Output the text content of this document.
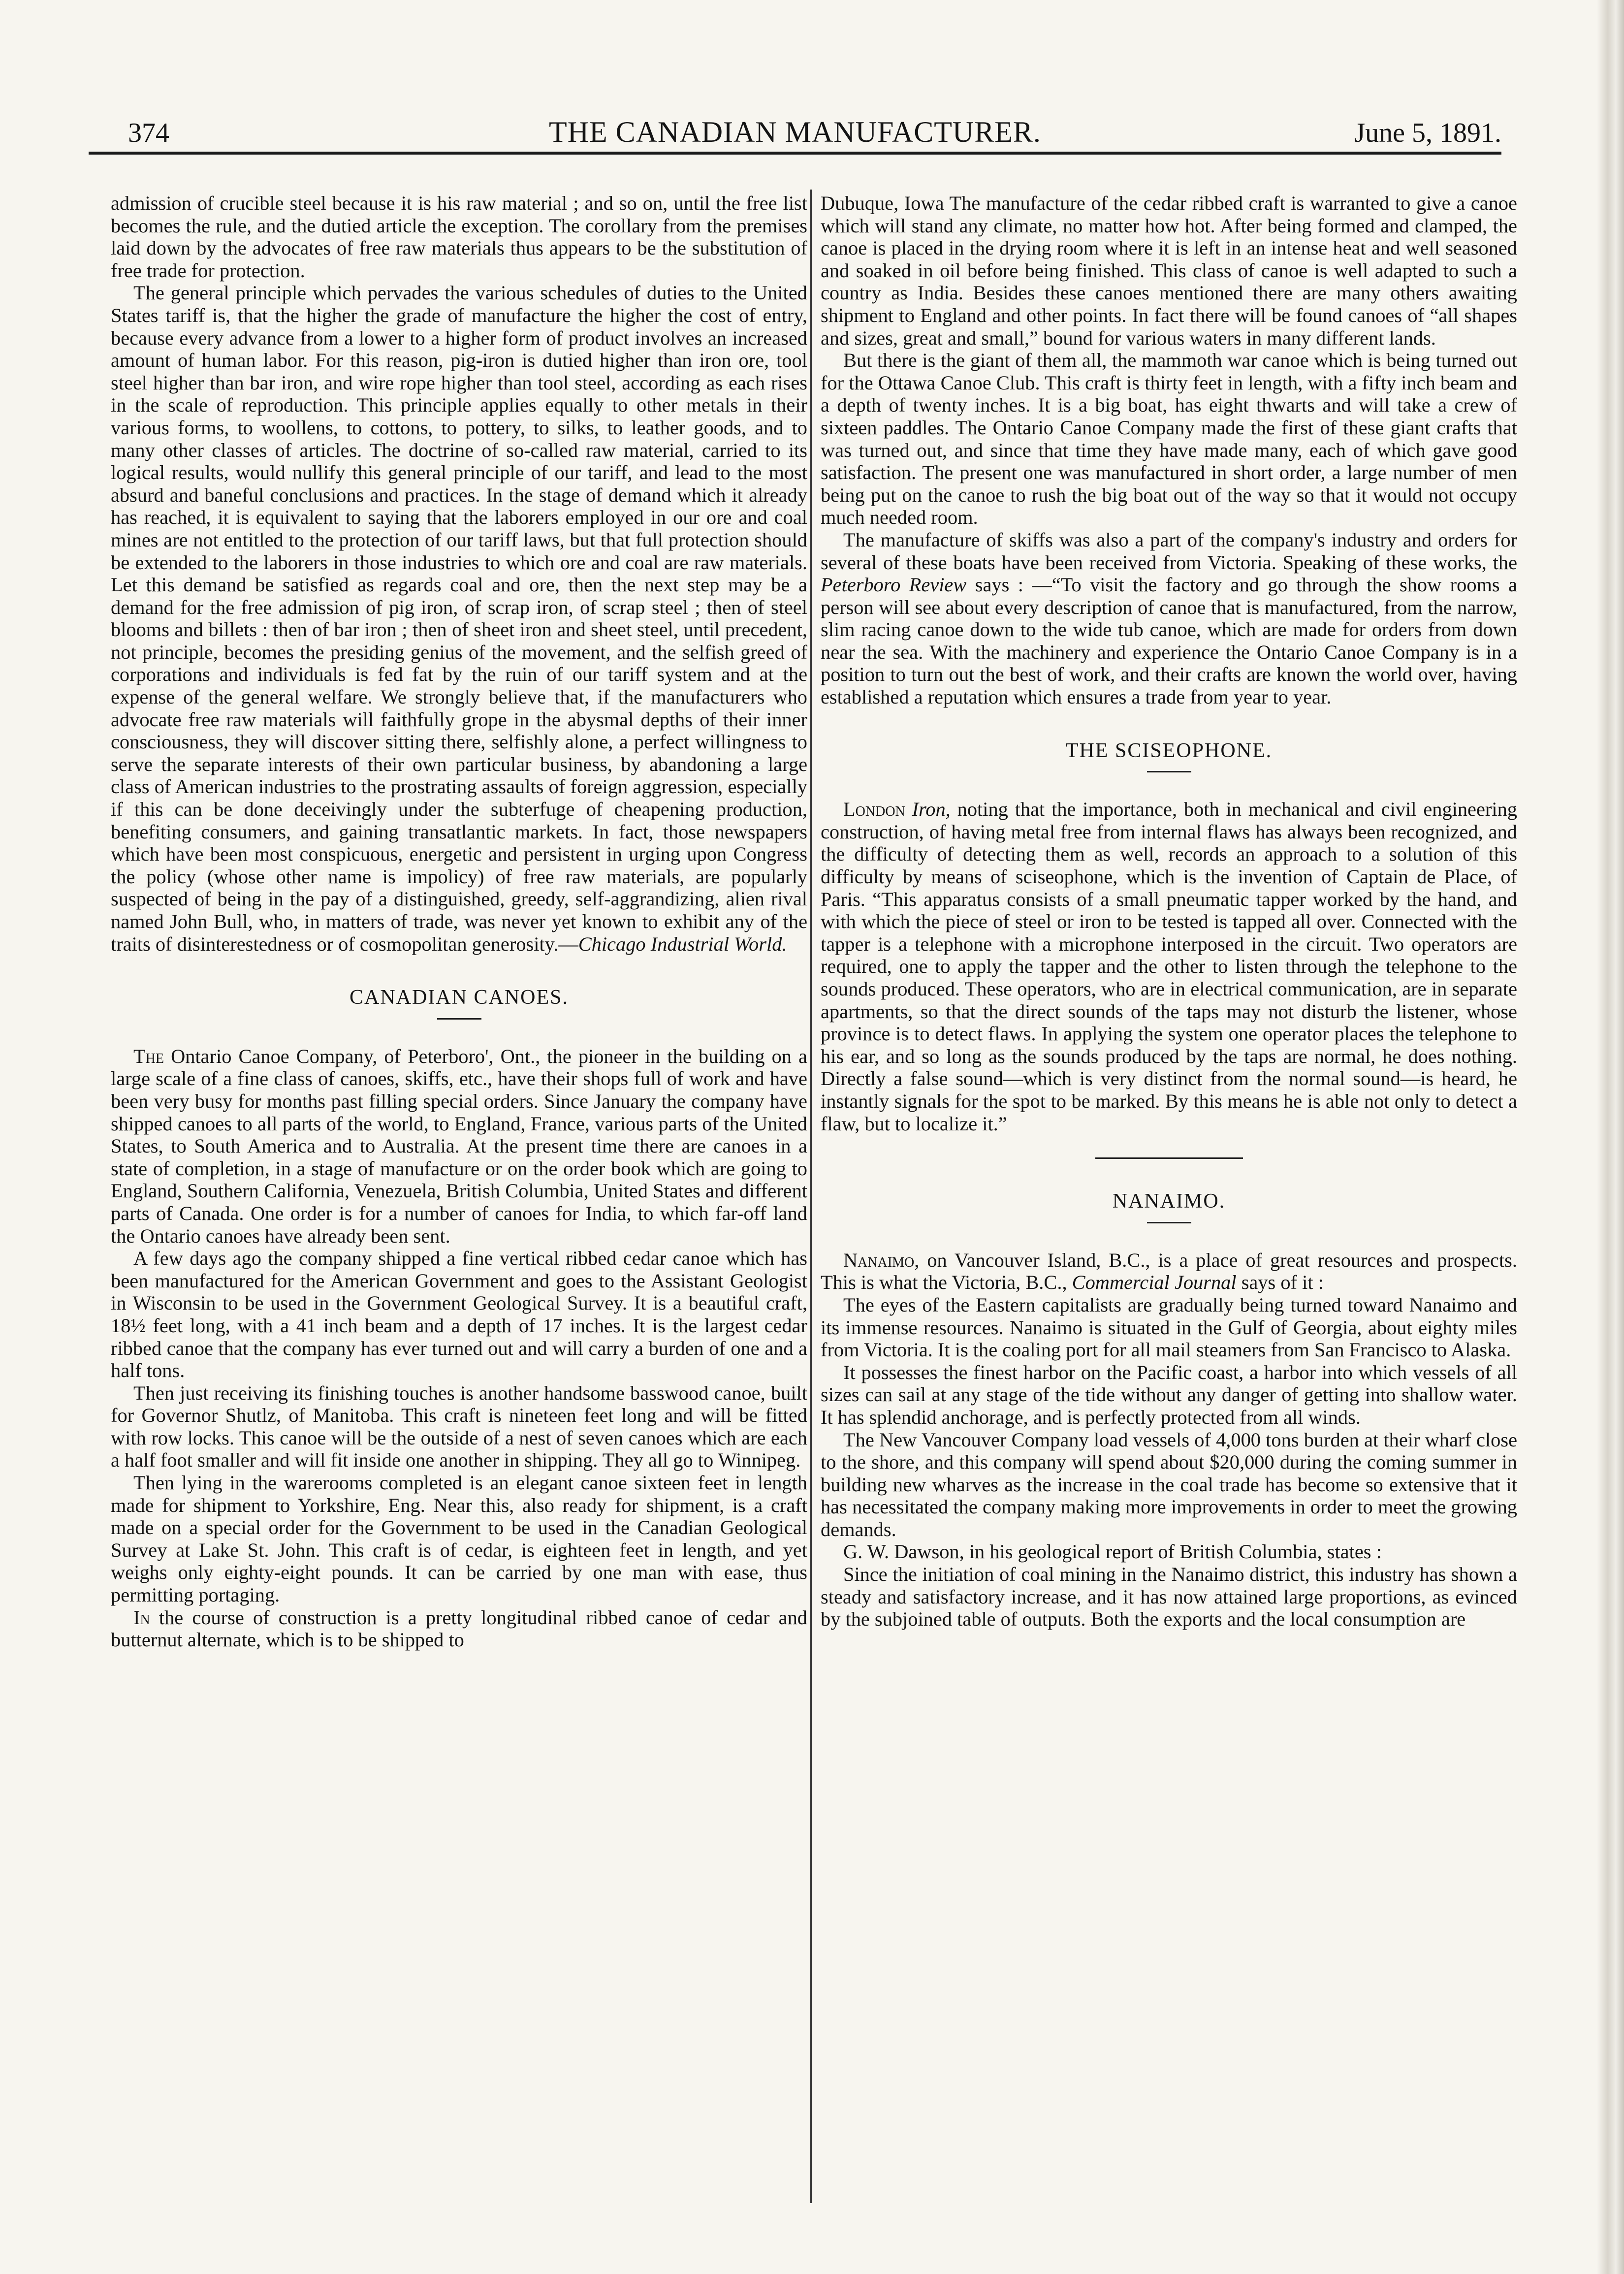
374	THE CANADIAN MANUFACTURER.	June 5, 1891.

admission of crucible steel because it is his raw material ; and so on, until the free list becomes the rule, and the dutied article the exception. The corollary from the premises laid down by the advocates of free raw materials thus appears to be the substitution of free trade for protection.

The general principle which pervades the various schedules of duties to the United States tariff is, that the higher the grade of manufacture the higher the cost of entry, because every advance from a lower to a higher form of product involves an increased amount of human labor. For this reason, pig-iron is dutied higher than iron ore, tool steel higher than bar iron, and wire rope higher than tool steel, according as each rises in the scale of reproduction. This principle applies equally to other metals in their various forms, to woollens, to cottons, to pottery, to silks, to leather goods, and to many other classes of articles. The doctrine of so-called raw material, carried to its logical results, would nullify this general principle of our tariff, and lead to the most absurd and baneful conclusions and practices. In the stage of demand which it already has reached, it is equivalent to saying that the laborers employed in our ore and coal mines are not entitled to the protection of our tariff laws, but that full protection should be extended to the laborers in those industries to which ore and coal are raw materials. Let this demand be satisfied as regards coal and ore, then the next step may be a demand for the free admission of pig iron, of scrap iron, of scrap steel ; then of steel blooms and billets : then of bar iron ; then of sheet iron and sheet steel, until precedent, not principle, becomes the presiding genius of the movement, and the selfish greed of corporations and individuals is fed fat by the ruin of our tariff system and at the expense of the general welfare. We strongly believe that, if the manufacturers who advocate free raw materials will faithfully grope in the abysmal depths of their inner consciousness, they will discover sitting there, selfishly alone, a perfect willingness to serve the separate interests of their own particular business, by abandoning a large class of American industries to the prostrating assaults of foreign aggression, especially if this can be done deceivingly under the subterfuge of cheapening production, benefiting consumers, and gaining transatlantic markets. In fact, those newspapers which have been most conspicuous, energetic and persistent in urging upon Congress the policy (whose other name is impolicy) of free raw materials, are popularly suspected of being in the pay of a distinguished, greedy, self-aggrandizing, alien rival named John Bull, who, in matters of trade, was never yet known to exhibit any of the traits of disinterestedness or of cosmopolitan generosity.—Chicago Industrial World.

CANADIAN CANOES.

The Ontario Canoe Company, of Peterboro', Ont., the pioneer in the building on a large scale of a fine class of canoes, skiffs, etc., have their shops full of work and have been very busy for months past filling special orders. Since January the company have shipped canoes to all parts of the world, to England, France, various parts of the United States, to South America and to Australia. At the present time there are canoes in a state of completion, in a stage of manufacture or on the order book which are going to England, Southern California, Venezuela, British Columbia, United States and different parts of Canada. One order is for a number of canoes for India, to which far-off land the Ontario canoes have already been sent.

A few days ago the company shipped a fine vertical ribbed cedar canoe which has been manufactured for the American Government and goes to the Assistant Geologist in Wisconsin to be used in the Government Geological Survey. It is a beautiful craft, 18½ feet long, with a 41 inch beam and a depth of 17 inches. It is the largest cedar ribbed canoe that the company has ever turned out and will carry a burden of one and a half tons.

Then just receiving its finishing touches is another handsome basswood canoe, built for Governor Shutlz, of Manitoba. This craft is nineteen feet long and will be fitted with row locks. This canoe will be the outside of a nest of seven canoes which are each a half foot smaller and will fit inside one another in shipping. They all go to Winnipeg.

Then lying in the warerooms completed is an elegant canoe sixteen feet in length made for shipment to Yorkshire, Eng. Near this, also ready for shipment, is a craft made on a special order for the Government to be used in the Canadian Geological Survey at Lake St. John. This craft is of cedar, is eighteen feet in length, and yet weighs only eighty-eight pounds. It can be carried by one man with ease, thus permitting portaging.

In the course of construction is a pretty longitudinal ribbed canoe of cedar and butternut alternate, which is to be shipped to

Dubuque, Iowa The manufacture of the cedar ribbed craft is warranted to give a canoe which will stand any climate, no matter how hot. After being formed and clamped, the canoe is placed in the drying room where it is left in an intense heat and well seasoned and soaked in oil before being finished. This class of canoe is well adapted to such a country as India. Besides these canoes mentioned there are many others awaiting shipment to England and other points. In fact there will be found canoes of “all shapes and sizes, great and small,” bound for various waters in many different lands.

But there is the giant of them all, the mammoth war canoe which is being turned out for the Ottawa Canoe Club. This craft is thirty feet in length, with a fifty inch beam and a depth of twenty inches. It is a big boat, has eight thwarts and will take a crew of sixteen paddles. The Ontario Canoe Company made the first of these giant crafts that was turned out, and since that time they have made many, each of which gave good satisfaction. The present one was manufactured in short order, a large number of men being put on the canoe to rush the big boat out of the way so that it would not occupy much needed room.

The manufacture of skiffs was also a part of the company's industry and orders for several of these boats have been received from Victoria. Speaking of these works, the Peterboro Review says : —“To visit the factory and go through the show rooms a person will see about every description of canoe that is manufactured, from the narrow, slim racing canoe down to the wide tub canoe, which are made for orders from down near the sea. With the machinery and experience the Ontario Canoe Company is in a position to turn out the best of work, and their crafts are known the world over, having established a reputation which ensures a trade from year to year.

THE SCISEOPHONE.

London Iron, noting that the importance, both in mechanical and civil engineering construction, of having metal free from internal flaws has always been recognized, and the difficulty of detecting them as well, records an approach to a solution of this difficulty by means of sciseophone, which is the invention of Captain de Place, of Paris. “This apparatus consists of a small pneumatic tapper worked by the hand, and with which the piece of steel or iron to be tested is tapped all over. Connected with the tapper is a telephone with a microphone interposed in the circuit. Two operators are required, one to apply the tapper and the other to listen through the telephone to the sounds produced. These operators, who are in electrical communication, are in separate apartments, so that the direct sounds of the taps may not disturb the listener, whose province is to detect flaws. In applying the system one operator places the telephone to his ear, and so long as the sounds produced by the taps are normal, he does nothing. Directly a false sound—which is very distinct from the normal sound—is heard, he instantly signals for the spot to be marked. By this means he is able not only to detect a flaw, but to localize it.”

NANAIMO.

Nanaimo, on Vancouver Island, B.C., is a place of great resources and prospects. This is what the Victoria, B.C., Commercial Journal says of it :

The eyes of the Eastern capitalists are gradually being turned toward Nanaimo and its immense resources. Nanaimo is situated in the Gulf of Georgia, about eighty miles from Victoria. It is the coaling port for all mail steamers from San Francisco to Alaska.

It possesses the finest harbor on the Pacific coast, a harbor into which vessels of all sizes can sail at any stage of the tide without any danger of getting into shallow water. It has splendid anchorage, and is perfectly protected from all winds.

The New Vancouver Company load vessels of 4,000 tons burden at their wharf close to the shore, and this company will spend about $20,000 during the coming summer in building new wharves as the increase in the coal trade has become so extensive that it has necessitated the company making more improvements in order to meet the growing demands.

G. W. Dawson, in his geological report of British Columbia, states :

Since the initiation of coal mining in the Nanaimo district, this industry has shown a steady and satisfactory increase, and it has now attained large proportions, as evinced by the subjoined table of outputs. Both the exports and the local consumption are
